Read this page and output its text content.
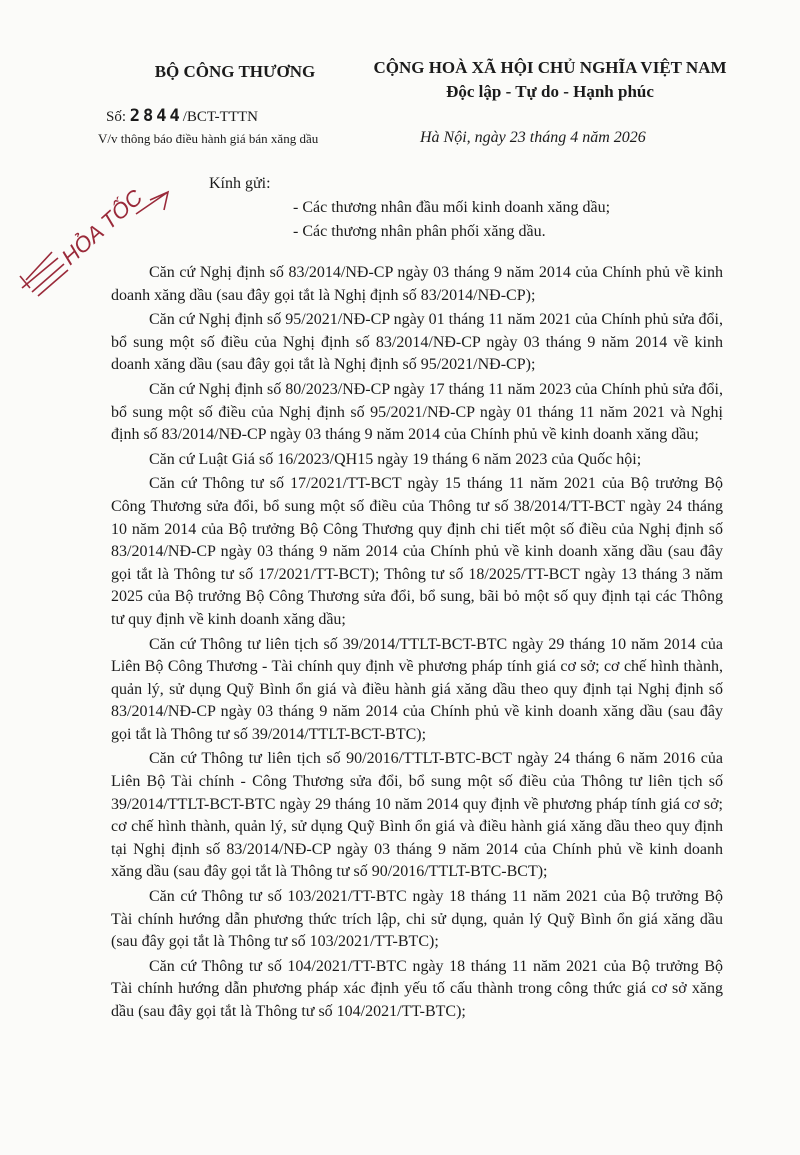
BỘ CÔNG THƯƠNG	CỘNG HOÀ XÃ HỘI CHỦ NGHĨA VIỆT NAM
Độc lập - Tự do - Hạnh phúc
Số: 2844/BCT-TTTN
V/v thông báo điều hành giá bán xăng dầu	Hà Nội, ngày 23 tháng 4 năm 2026
HỎA TỐC
Kính gửi:
- Các thương nhân đầu mối kinh doanh xăng dầu;
- Các thương nhân phân phối xăng dầu.

Căn cứ Nghị định số 83/2014/NĐ-CP ngày 03 tháng 9 năm 2014 của Chính phủ về kinh doanh xăng dầu (sau đây gọi tắt là Nghị định số 83/2014/NĐ-CP);

Căn cứ Nghị định số 95/2021/NĐ-CP ngày 01 tháng 11 năm 2021 của Chính phủ sửa đổi, bổ sung một số điều của Nghị định số 83/2014/NĐ-CP ngày 03 tháng 9 năm 2014 về kinh doanh xăng dầu (sau đây gọi tắt là Nghị định số 95/2021/NĐ-CP);

Căn cứ Nghị định số 80/2023/NĐ-CP ngày 17 tháng 11 năm 2023 của Chính phủ sửa đổi, bổ sung một số điều của Nghị định số 95/2021/NĐ-CP ngày 01 tháng 11 năm 2021 và Nghị định số 83/2014/NĐ-CP ngày 03 tháng 9 năm 2014 của Chính phủ về kinh doanh xăng dầu;

Căn cứ Luật Giá số 16/2023/QH15 ngày 19 tháng 6 năm 2023 của Quốc hội;

Căn cứ Thông tư số 17/2021/TT-BCT ngày 15 tháng 11 năm 2021 của Bộ trưởng Bộ Công Thương sửa đổi, bổ sung một số điều của Thông tư số 38/2014/TT-BCT ngày 24 tháng 10 năm 2014 của Bộ trưởng Bộ Công Thương quy định chi tiết một số điều của Nghị định số 83/2014/NĐ-CP ngày 03 tháng 9 năm 2014 của Chính phủ về kinh doanh xăng dầu (sau đây gọi tắt là Thông tư số 17/2021/TT-BCT); Thông tư số 18/2025/TT-BCT ngày 13 tháng 3 năm 2025 của Bộ trưởng Bộ Công Thương sửa đổi, bổ sung, bãi bỏ một số quy định tại các Thông tư quy định về kinh doanh xăng dầu;

Căn cứ Thông tư liên tịch số 39/2014/TTLT-BCT-BTC ngày 29 tháng 10 năm 2014 của Liên Bộ Công Thương - Tài chính quy định về phương pháp tính giá cơ sở; cơ chế hình thành, quản lý, sử dụng Quỹ Bình ổn giá và điều hành giá xăng dầu theo quy định tại Nghị định số 83/2014/NĐ-CP ngày 03 tháng 9 năm 2014 của Chính phủ về kinh doanh xăng dầu (sau đây gọi tắt là Thông tư số 39/2014/TTLT-BCT-BTC);

Căn cứ Thông tư liên tịch số 90/2016/TTLT-BTC-BCT ngày 24 tháng 6 năm 2016 của Liên Bộ Tài chính - Công Thương sửa đổi, bổ sung một số điều của Thông tư liên tịch số 39/2014/TTLT-BCT-BTC ngày 29 tháng 10 năm 2014 quy định về phương pháp tính giá cơ sở; cơ chế hình thành, quản lý, sử dụng Quỹ Bình ổn giá và điều hành giá xăng dầu theo quy định tại Nghị định số 83/2014/NĐ-CP ngày 03 tháng 9 năm 2014 của Chính phủ về kinh doanh xăng dầu (sau đây gọi tắt là Thông tư số 90/2016/TTLT-BTC-BCT);

Căn cứ Thông tư số 103/2021/TT-BTC ngày 18 tháng 11 năm 2021 của Bộ trưởng Bộ Tài chính hướng dẫn phương thức trích lập, chi sử dụng, quản lý Quỹ Bình ổn giá xăng dầu (sau đây gọi tắt là Thông tư số 103/2021/TT-BTC);

Căn cứ Thông tư số 104/2021/TT-BTC ngày 18 tháng 11 năm 2021 của Bộ trưởng Bộ Tài chính hướng dẫn phương pháp xác định yếu tố cấu thành trong công thức giá cơ sở xăng dầu (sau đây gọi tắt là Thông tư số 104/2021/TT-BTC);
